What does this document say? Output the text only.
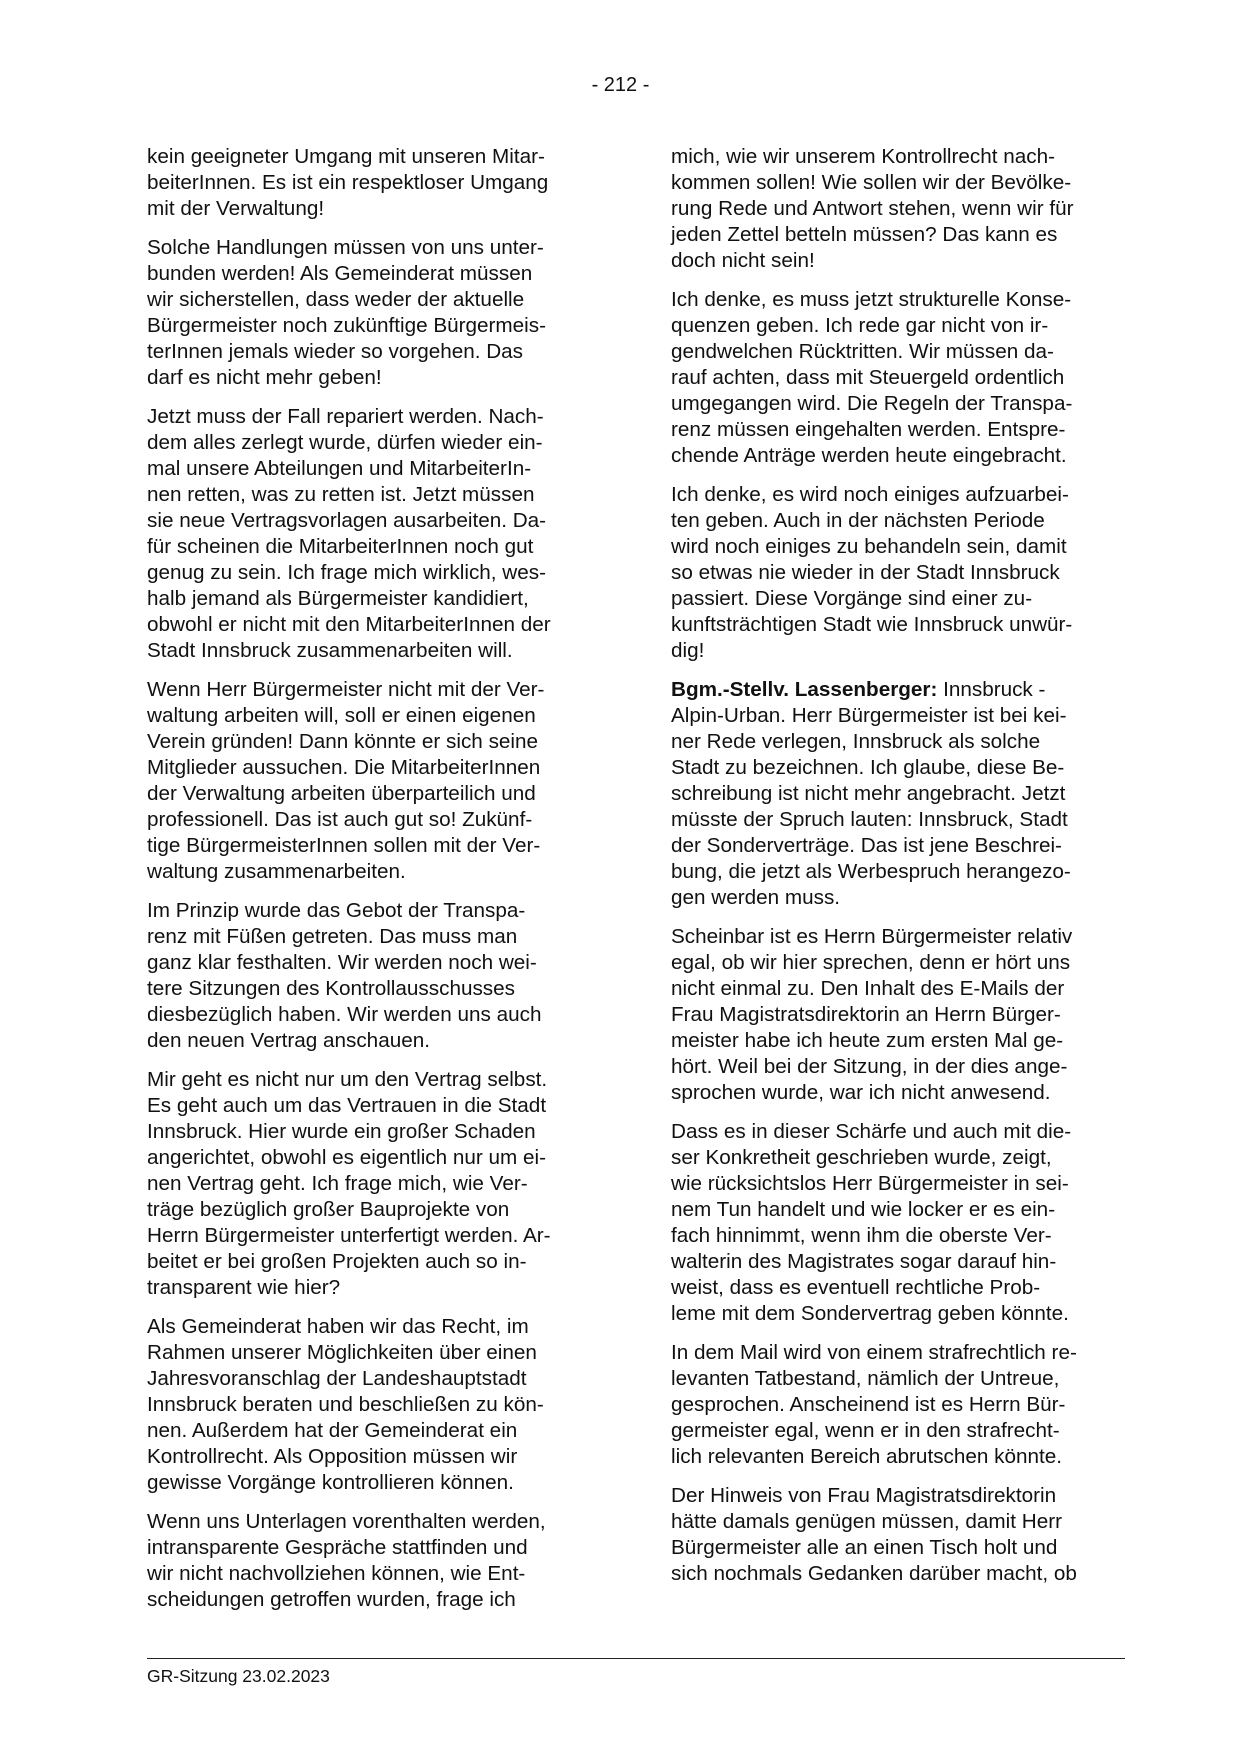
- 212 -
kein geeigneter Umgang mit unseren Mitar-
beiterInnen. Es ist ein respektloser Umgang
mit der Verwaltung!
Solche Handlungen müssen von uns unter-
bunden werden! Als Gemeinderat müssen
wir sicherstellen, dass weder der aktuelle
Bürgermeister noch zukünftige Bürgermeis-
terInnen jemals wieder so vorgehen. Das
darf es nicht mehr geben!
Jetzt muss der Fall repariert werden. Nach-
dem alles zerlegt wurde, dürfen wieder ein-
mal unsere Abteilungen und MitarbeiterIn-
nen retten, was zu retten ist. Jetzt müssen
sie neue Vertragsvorlagen ausarbeiten. Da-
für scheinen die MitarbeiterInnen noch gut
genug zu sein. Ich frage mich wirklich, wes-
halb jemand als Bürgermeister kandidiert,
obwohl er nicht mit den MitarbeiterInnen der
Stadt Innsbruck zusammenarbeiten will.
Wenn Herr Bürgermeister nicht mit der Ver-
waltung arbeiten will, soll er einen eigenen
Verein gründen! Dann könnte er sich seine
Mitglieder aussuchen. Die MitarbeiterInnen
der Verwaltung arbeiten überparteilich und
professionell. Das ist auch gut so! Zukünf-
tige BürgermeisterInnen sollen mit der Ver-
waltung zusammenarbeiten.
Im Prinzip wurde das Gebot der Transpa-
renz mit Füßen getreten. Das muss man
ganz klar festhalten. Wir werden noch wei-
tere Sitzungen des Kontrollausschusses
diesbezüglich haben. Wir werden uns auch
den neuen Vertrag anschauen.
Mir geht es nicht nur um den Vertrag selbst.
Es geht auch um das Vertrauen in die Stadt
Innsbruck. Hier wurde ein großer Schaden
angerichtet, obwohl es eigentlich nur um ei-
nen Vertrag geht. Ich frage mich, wie Ver-
träge bezüglich großer Bauprojekte von
Herrn Bürgermeister unterfertigt werden. Ar-
beitet er bei großen Projekten auch so in-
transparent wie hier?
Als Gemeinderat haben wir das Recht, im
Rahmen unserer Möglichkeiten über einen
Jahresvoranschlag der Landeshauptstadt
Innsbruck beraten und beschließen zu kön-
nen. Außerdem hat der Gemeinderat ein
Kontrollrecht. Als Opposition müssen wir
gewisse Vorgänge kontrollieren können.
Wenn uns Unterlagen vorenthalten werden,
intransparente Gespräche stattfinden und
wir nicht nachvollziehen können, wie Ent-
scheidungen getroffen wurden, frage ich
mich, wie wir unserem Kontrollrecht nach-
kommen sollen! Wie sollen wir der Bevölke-
rung Rede und Antwort stehen, wenn wir für
jeden Zettel betteln müssen? Das kann es
doch nicht sein!
Ich denke, es muss jetzt strukturelle Konse-
quenzen geben. Ich rede gar nicht von ir-
gendwelchen Rücktritten. Wir müssen da-
rauf achten, dass mit Steuergeld ordentlich
umgegangen wird. Die Regeln der Transpa-
renz müssen eingehalten werden. Entspre-
chende Anträge werden heute eingebracht.
Ich denke, es wird noch einiges aufzuarbei-
ten geben. Auch in der nächsten Periode
wird noch einiges zu behandeln sein, damit
so etwas nie wieder in der Stadt Innsbruck
passiert. Diese Vorgänge sind einer zu-
kunftsträchtigen Stadt wie Innsbruck unwür-
dig!
Bgm.-Stellv. Lassenberger: Innsbruck -
Alpin-Urban. Herr Bürgermeister ist bei kei-
ner Rede verlegen, Innsbruck als solche
Stadt zu bezeichnen. Ich glaube, diese Be-
schreibung ist nicht mehr angebracht. Jetzt
müsste der Spruch lauten: Innsbruck, Stadt
der Sonderverträge. Das ist jene Beschrei-
bung, die jetzt als Werbespruch herangezo-
gen werden muss.
Scheinbar ist es Herrn Bürgermeister relativ
egal, ob wir hier sprechen, denn er hört uns
nicht einmal zu. Den Inhalt des E-Mails der
Frau Magistratsdirektorin an Herrn Bürger-
meister habe ich heute zum ersten Mal ge-
hört. Weil bei der Sitzung, in der dies ange-
sprochen wurde, war ich nicht anwesend.
Dass es in dieser Schärfe und auch mit die-
ser Konkretheit geschrieben wurde, zeigt,
wie rücksichtslos Herr Bürgermeister in sei-
nem Tun handelt und wie locker er es ein-
fach hinnimmt, wenn ihm die oberste Ver-
walterin des Magistrates sogar darauf hin-
weist, dass es eventuell rechtliche Prob-
leme mit dem Sondervertrag geben könnte.
In dem Mail wird von einem strafrechtlich re-
levanten Tatbestand, nämlich der Untreue,
gesprochen. Anscheinend ist es Herrn Bür-
germeister egal, wenn er in den strafrecht-
lich relevanten Bereich abrutschen könnte.
Der Hinweis von Frau Magistratsdirektorin
hätte damals genügen müssen, damit Herr
Bürgermeister alle an einen Tisch holt und
sich nochmals Gedanken darüber macht, ob
GR-Sitzung 23.02.2023
